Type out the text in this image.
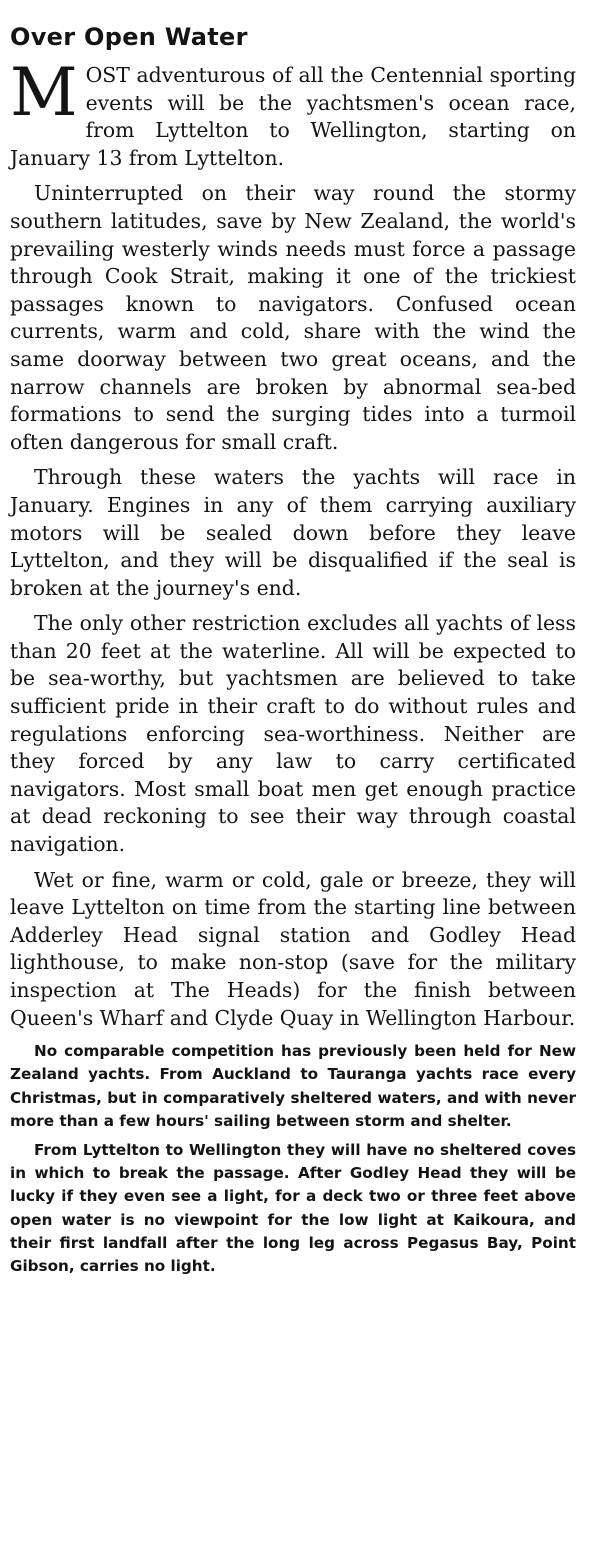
Over Open Water
M OST adventurous of all the Centennial sporting events will be the yachtsmen's ocean race, from Lyttelton to Wellington, starting on January 13 from Lyttelton.

Uninterrupted on their way round the stormy southern latitudes, save by New Zealand, the world's prevailing westerly winds needs must force a passage through Cook Strait, making it one of the trickiest passages known to navigators. Confused ocean currents, warm and cold, share with the wind the same doorway between two great oceans, and the narrow channels are broken by abnormal sea-bed formations to send the surging tides into a turmoil often dangerous for small craft.

Through these waters the yachts will race in January. Engines in any of them carrying auxiliary motors will be sealed down before they leave Lyttelton, and they will be disqualified if the seal is broken at the journey's end.

The only other restriction excludes all yachts of less than 20 feet at the waterline. All will be expected to be sea-worthy, but yachtsmen are believed to take sufficient pride in their craft to do without rules and regulations enforcing sea-worthiness. Neither are they forced by any law to carry certificated navigators. Most small boat men get enough practice at dead reckoning to see their way through coastal navigation.

Wet or fine, warm or cold, gale or breeze, they will leave Lyttelton on time from the starting line between Adderley Head signal station and Godley Head lighthouse, to make non-stop (save for the military inspection at The Heads) for the finish between Queen's Wharf and Clyde Quay in Wellington Harbour.

No comparable competition has previously been held for New Zealand yachts. From Auckland to Tauranga yachts race every Christmas, but in comparatively sheltered waters, and with never more than a few hours' sailing between storm and shelter.

From Lyttelton to Wellington they will have no sheltered coves in which to break the passage. After Godley Head they will be lucky if they even see a light, for a deck two or three feet above open water is no viewpoint for the low light at Kaikoura, and their first landfall after the long leg across Pegasus Bay, Point Gibson, carries no light.
